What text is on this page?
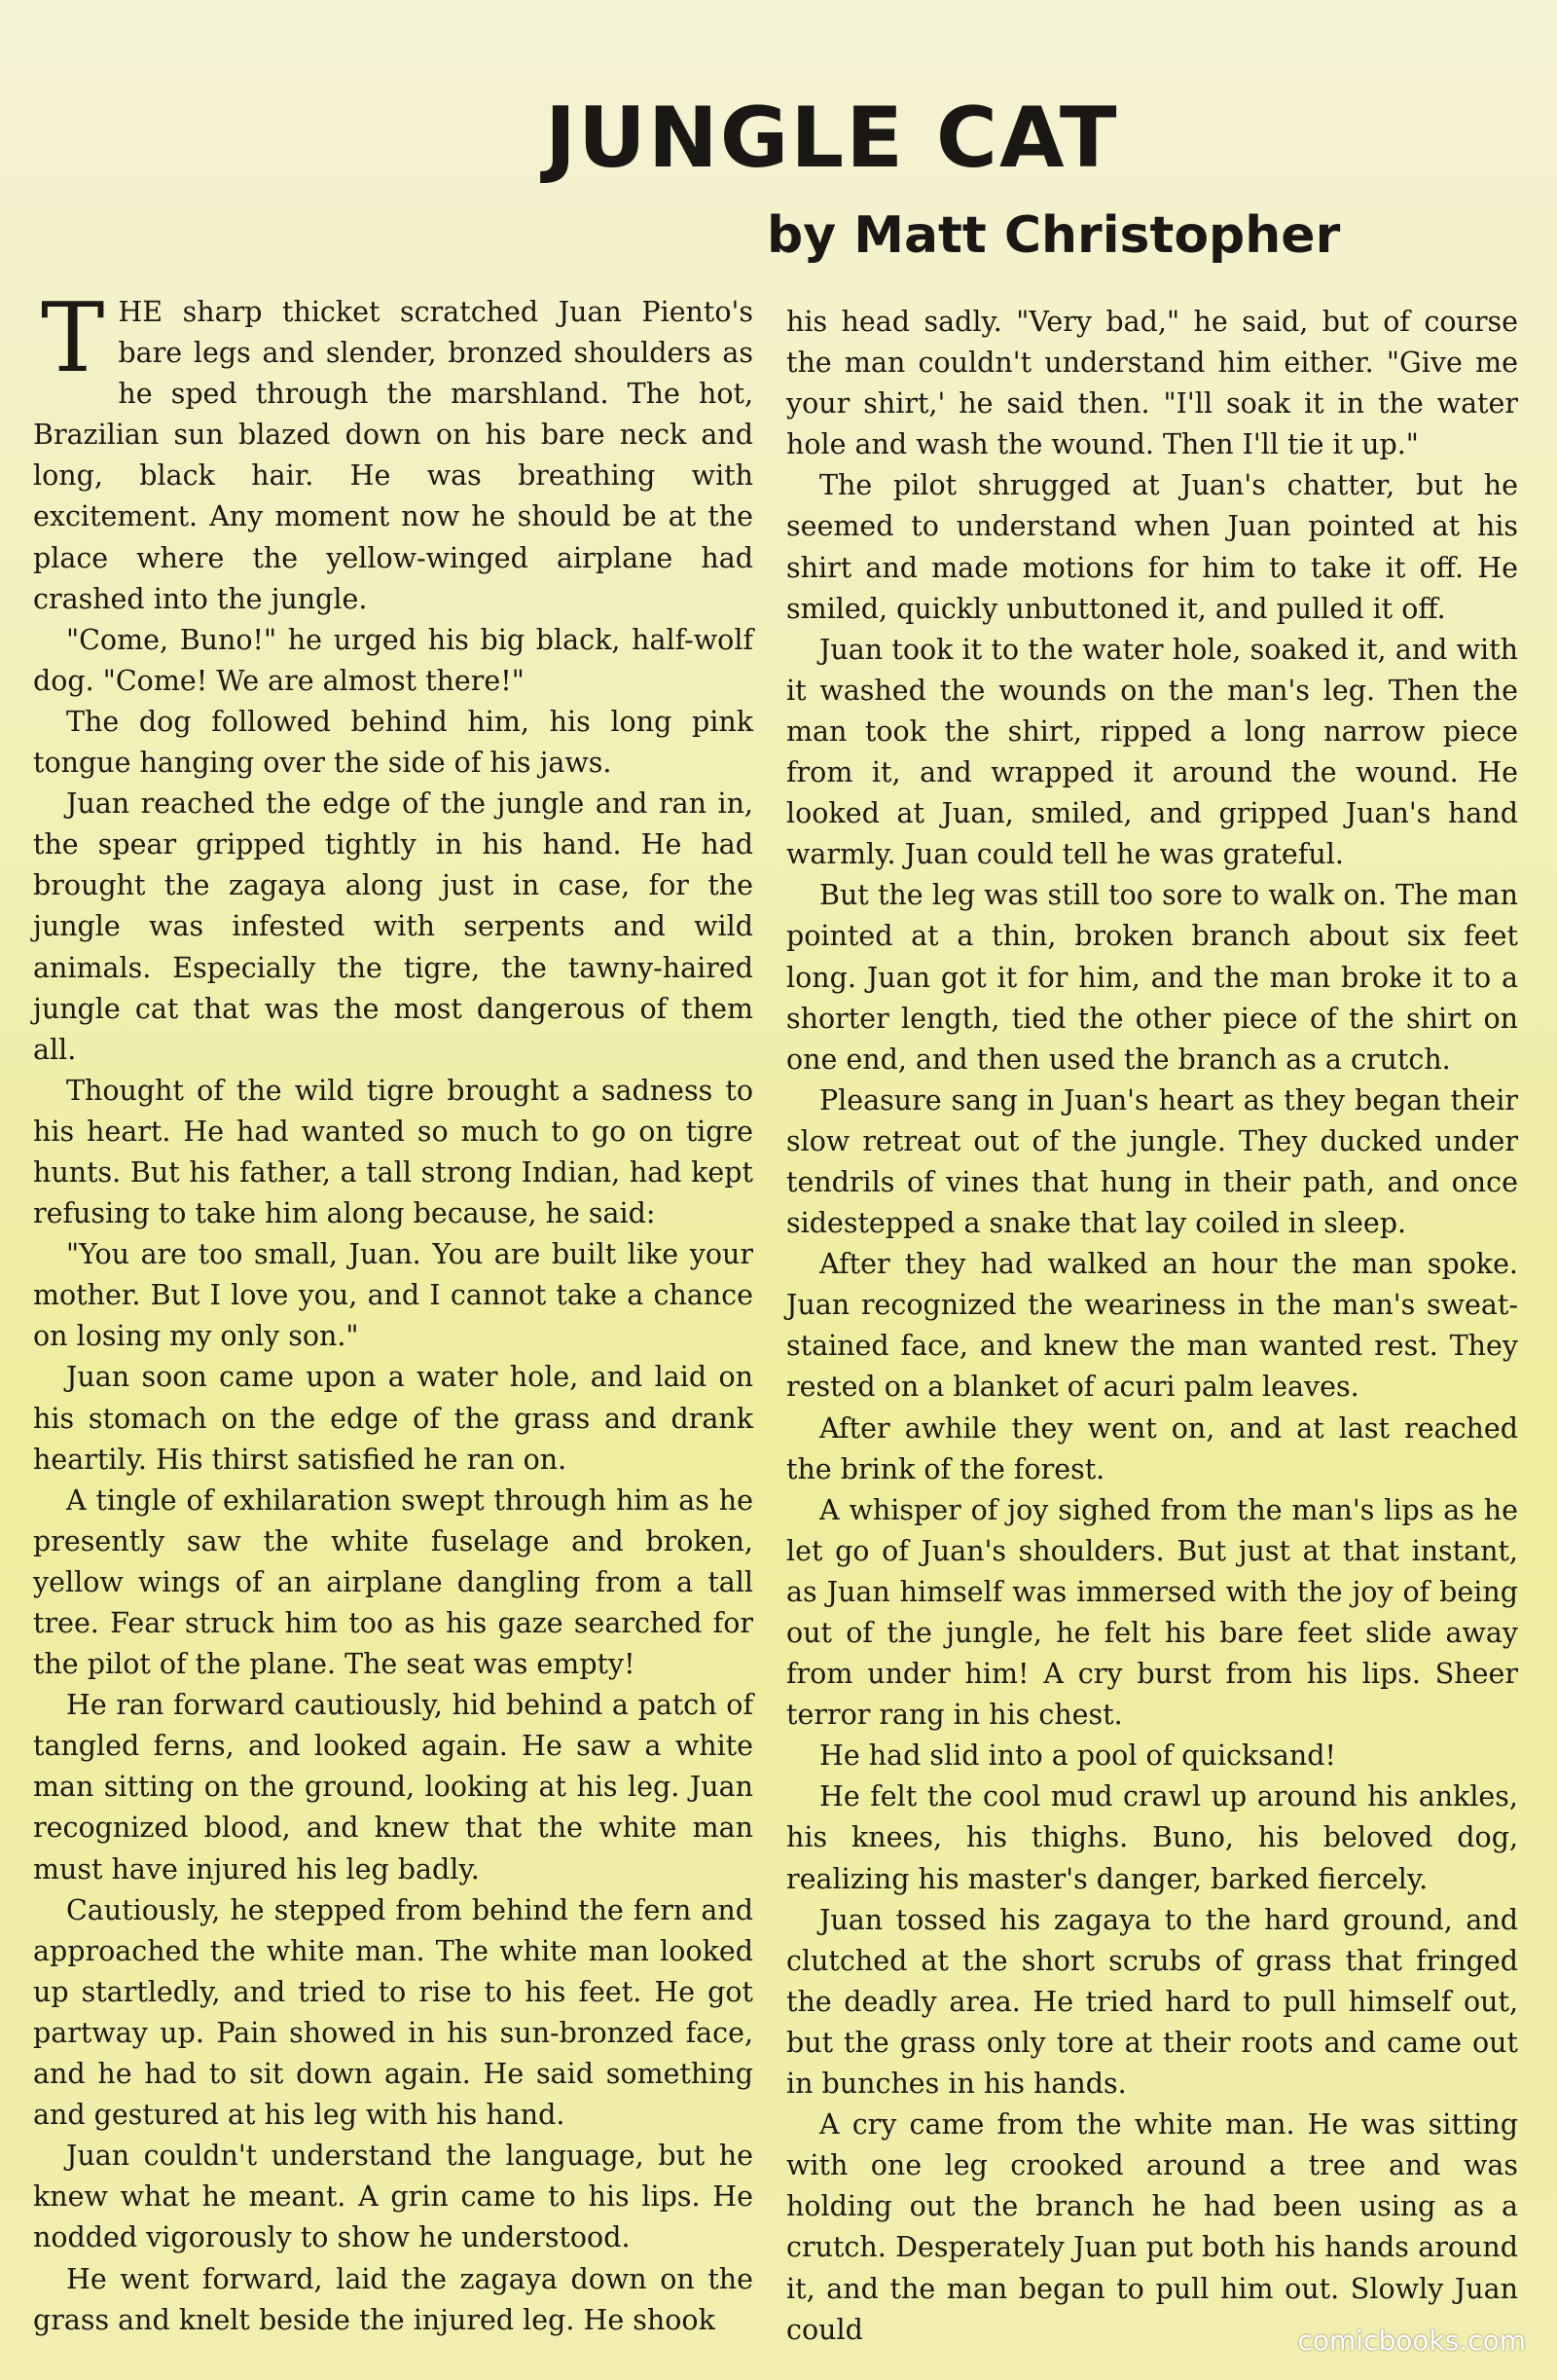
JUNGLE CAT
by Matt Christopher

THE sharp thicket scratched Juan Piento's bare legs and slender, bronzed shoulders as he sped through the marshland. The hot, Brazilian sun blazed down on his bare neck and long, black hair. He was breathing with excitement. Any moment now he should be at the place where the yellow-winged airplane had crashed into the jungle.

"Come, Buno!" he urged his big black, half-wolf dog. "Come! We are almost there!"

The dog followed behind him, his long pink tongue hanging over the side of his jaws.

Juan reached the edge of the jungle and ran in, the spear gripped tightly in his hand. He had brought the zagaya along just in case, for the jungle was infested with serpents and wild animals. Especially the tigre, the tawny-haired jungle cat that was the most dangerous of them all.

Thought of the wild tigre brought a sadness to his heart. He had wanted so much to go on tigre hunts. But his father, a tall strong Indian, had kept refusing to take him along because, he said:

"You are too small, Juan. You are built like your mother. But I love you, and I cannot take a chance on losing my only son."

Juan soon came upon a water hole, and laid on his stomach on the edge of the grass and drank heartily. His thirst satisfied he ran on.

A tingle of exhilaration swept through him as he presently saw the white fuselage and broken, yellow wings of an airplane dangling from a tall tree. Fear struck him too as his gaze searched for the pilot of the plane. The seat was empty!

He ran forward cautiously, hid behind a patch of tangled ferns, and looked again. He saw a white man sitting on the ground, looking at his leg. Juan recognized blood, and knew that the white man must have injured his leg badly.

Cautiously, he stepped from behind the fern and approached the white man. The white man looked up startledly, and tried to rise to his feet. He got partway up. Pain showed in his sun-bronzed face, and he had to sit down again. He said something and gestured at his leg with his hand.

Juan couldn't understand the language, but he knew what he meant. A grin came to his lips. He nodded vigorously to show he understood.

He went forward, laid the zagaya down on the grass and knelt beside the injured leg. He shook

his head sadly. "Very bad," he said, but of course the man couldn't understand him either. "Give me your shirt,' he said then. "I'll soak it in the water hole and wash the wound. Then I'll tie it up."

The pilot shrugged at Juan's chatter, but he seemed to understand when Juan pointed at his shirt and made motions for him to take it off. He smiled, quickly unbuttoned it, and pulled it off.

Juan took it to the water hole, soaked it, and with it washed the wounds on the man's leg. Then the man took the shirt, ripped a long narrow piece from it, and wrapped it around the wound. He looked at Juan, smiled, and gripped Juan's hand warmly. Juan could tell he was grateful.

But the leg was still too sore to walk on. The man pointed at a thin, broken branch about six feet long. Juan got it for him, and the man broke it to a shorter length, tied the other piece of the shirt on one end, and then used the branch as a crutch.

Pleasure sang in Juan's heart as they began their slow retreat out of the jungle. They ducked under tendrils of vines that hung in their path, and once sidestepped a snake that lay coiled in sleep.

After they had walked an hour the man spoke. Juan recognized the weariness in the man's sweat-stained face, and knew the man wanted rest. They rested on a blanket of acuri palm leaves.

After awhile they went on, and at last reached the brink of the forest.

A whisper of joy sighed from the man's lips as he let go of Juan's shoulders. But just at that instant, as Juan himself was immersed with the joy of being out of the jungle, he felt his bare feet slide away from under him! A cry burst from his lips. Sheer terror rang in his chest.

He had slid into a pool of quicksand!

He felt the cool mud crawl up around his ankles, his knees, his thighs. Buno, his beloved dog, realizing his master's danger, barked fiercely.

Juan tossed his zagaya to the hard ground, and clutched at the short scrubs of grass that fringed the deadly area. He tried hard to pull himself out, but the grass only tore at their roots and came out in bunches in his hands.

A cry came from the white man. He was sitting with one leg crooked around a tree and was holding out the branch he had been using as a crutch. Desperately Juan put both his hands around it, and the man began to pull him out. Slowly Juan could	comicbooks.com
